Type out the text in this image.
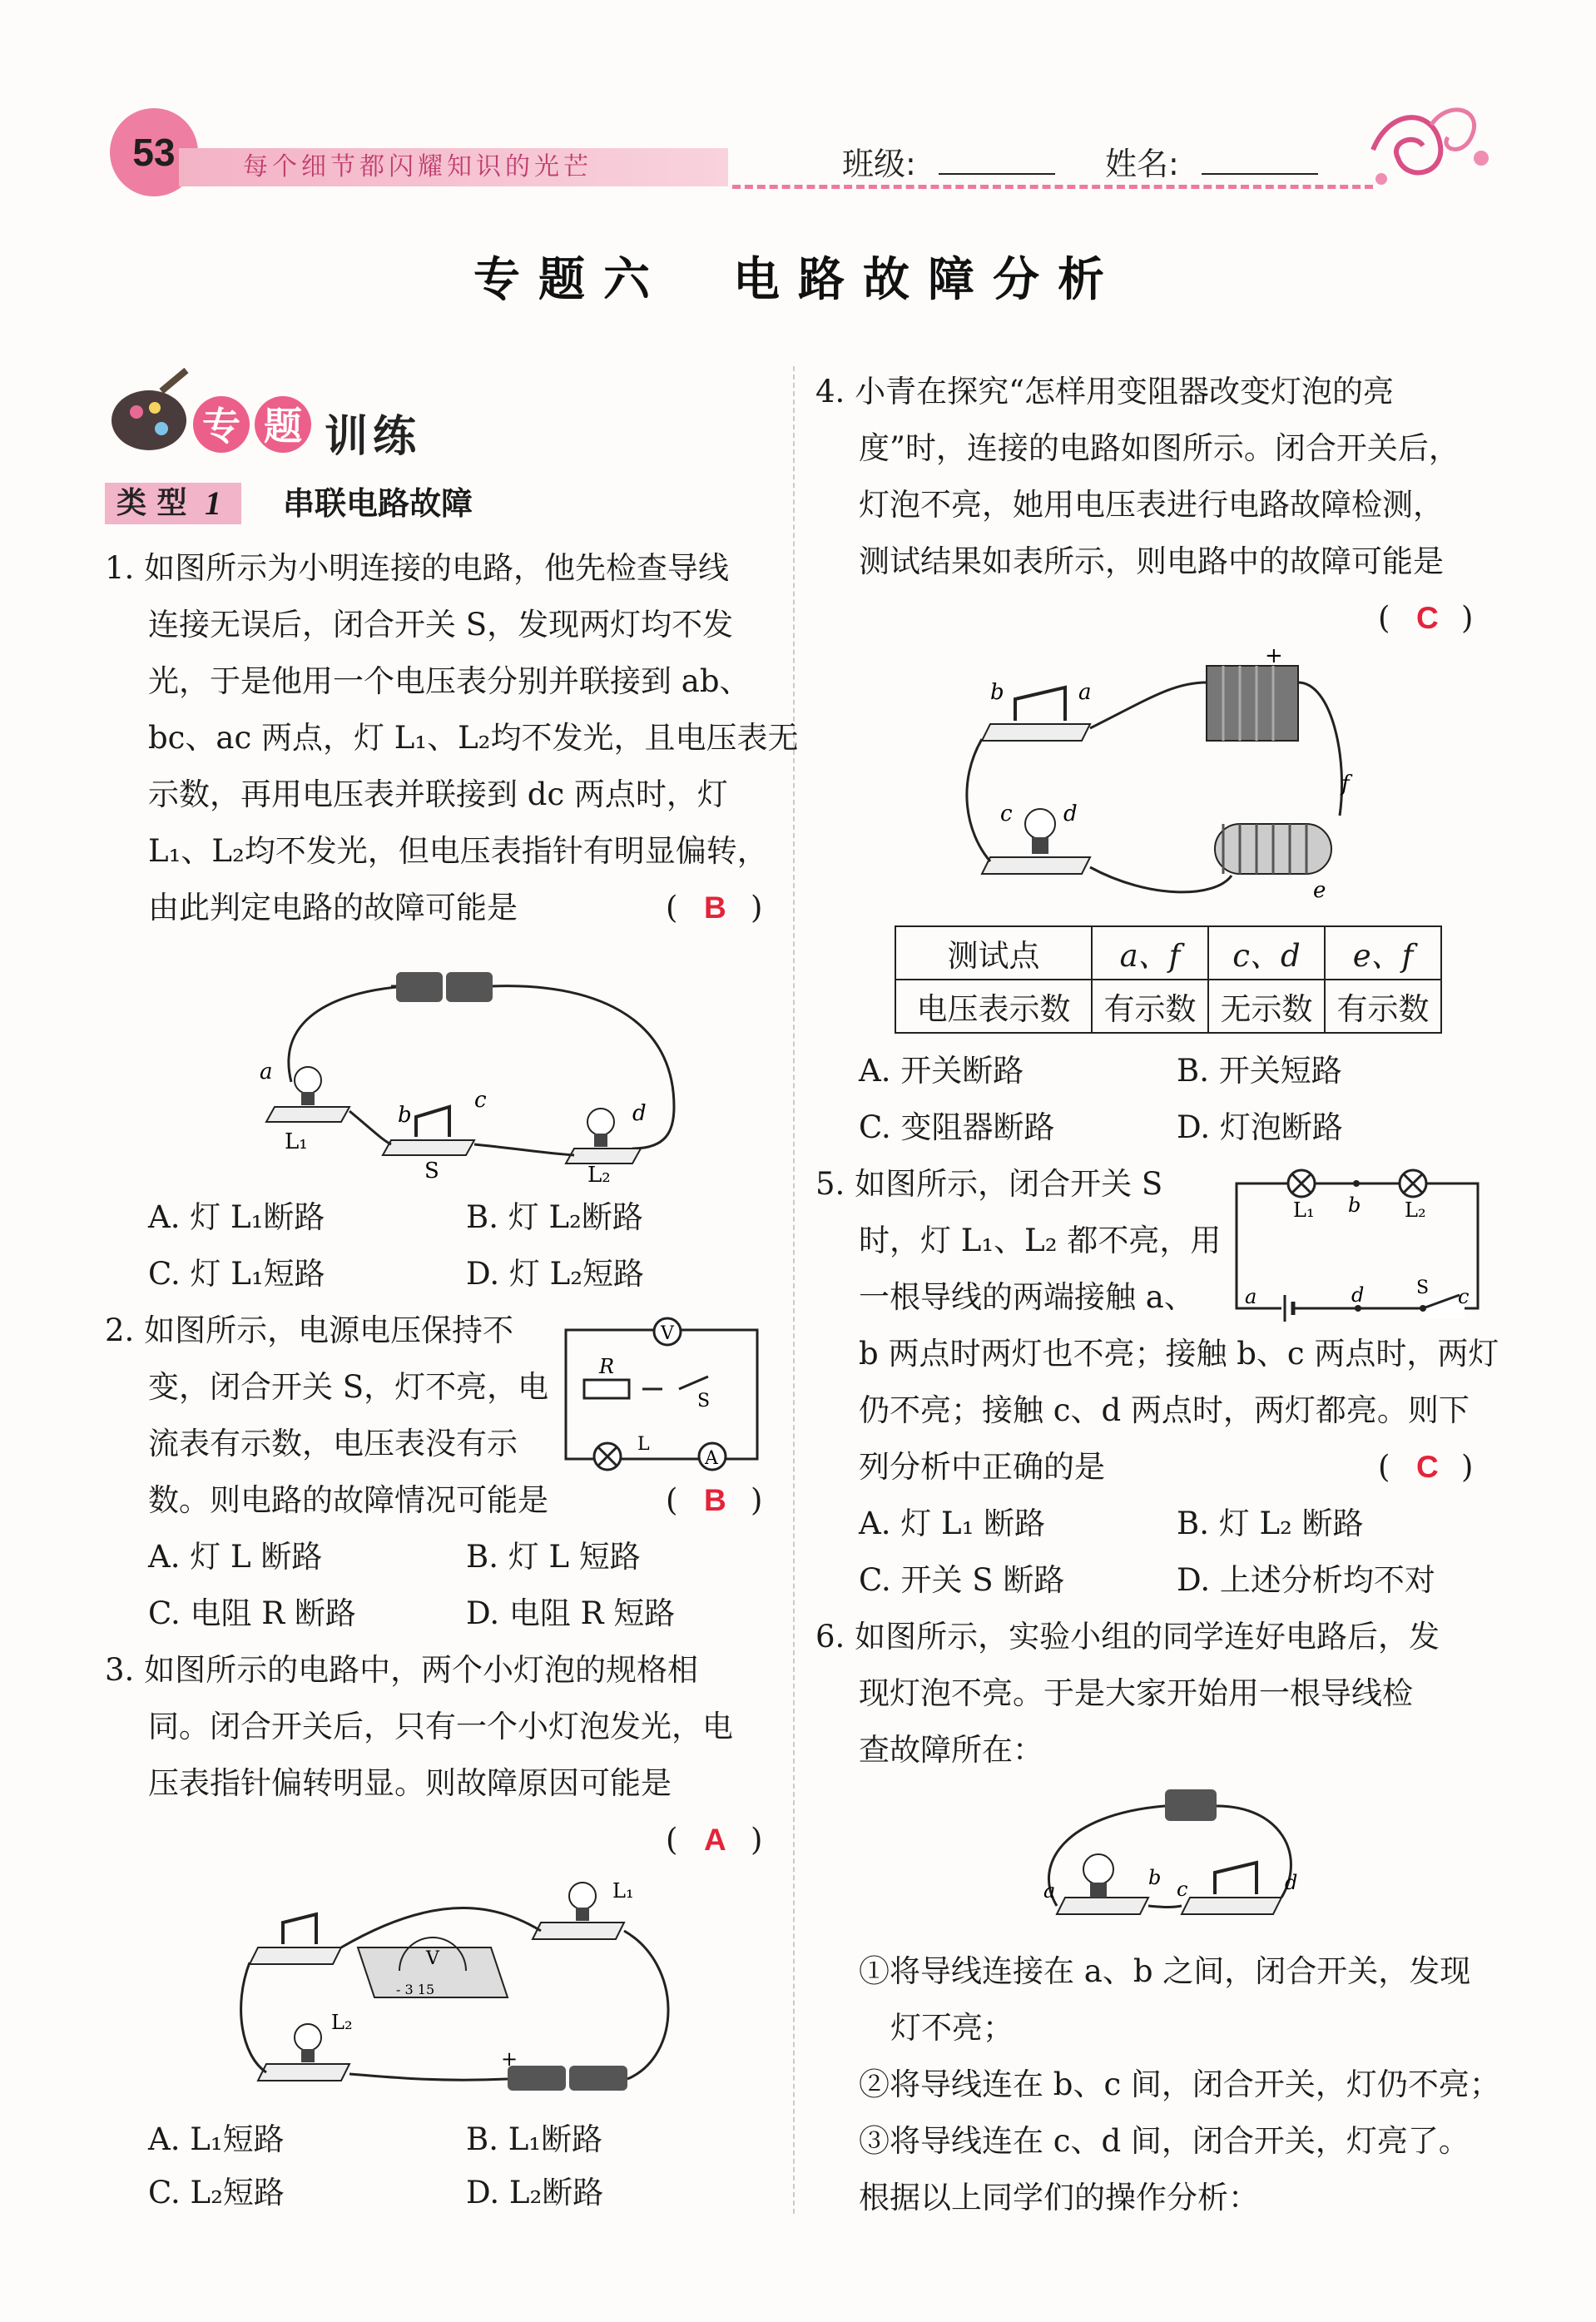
53	每个细节都闪耀知识的光芒	班级:	姓名:
专题六　电路故障分析
专 题 训练
类 型 1 串联电路故障
1. 如图所示为小明连接的电路，他先检查导线
连接无误后，闭合开关 S，发现两灯均不发
光，于是他用一个电压表分别并联接到 ab、
bc、ac 两点，灯 L₁、L₂均不发光，且电压表无
示数，再用电压表并联接到 dc 两点时，灯
L₁、L₂均不发光，但电压表指针有明显偏转，
由此判定电路的故障可能是	( B )
a
b
c
d
L₁
S	L₂
A. 灯 L₁断路	B. 灯 L₂断路
C. 灯 L₁短路	D. 灯 L₂短路
2. 如图所示，电源电压保持不
变，闭合开关 S，灯不亮，电
流表有示数，电压表没有示
数。则电路的故障情况可能是	( B )
V
R
S
L
A
A. 灯 L 断路	B. 灯 L 短路
C. 电阻 R 断路	D. 电阻 R 短路
3. 如图所示的电路中，两个小灯泡的规格相
同。闭合开关后，只有一个小灯泡发光，电
压表指针偏转明显。则故障原因可能是
( A )
V
- 3 15
L₁
L₂
+
A. L₁短路	B. L₁断路
C. L₂短路	D. L₂断路
4. 小青在探究“怎样用变阻器改变灯泡的亮
度”时，连接的电路如图所示。闭合开关后，
灯泡不亮，她用电压表进行电路故障检测，
测试结果如表所示，则电路中的故障可能是
( C )
b	a
+
c d
f
e
测试点	a、f	c、d	e、f
电压表示数	有示数	无示数	有示数
A. 开关断路	B. 开关短路
C. 变阻器断路	D. 灯泡断路
5. 如图所示，闭合开关 S
时，灯 L₁、L₂ 都不亮，用
一根导线的两端接触 a、
b 两点时两灯也不亮；接触 b、c 两点时，两灯
仍不亮；接触 c、d 两点时，两灯都亮。则下
列分析中正确的是	( C )
L₁ b L₂
a	d	S c
A. 灯 L₁ 断路	B. 灯 L₂ 断路
C. 开关 S 断路	D. 上述分析均不对
6. 如图所示，实验小组的同学连好电路后，发
现灯泡不亮。于是大家开始用一根导线检
查故障所在：
a
b c	d
①将导线连接在 a、b 之间，闭合开关，发现
灯不亮；
②将导线连在 b、c 间，闭合开关，灯仍不亮；
③将导线连在 c、d 间，闭合开关，灯亮了。
根据以上同学们的操作分析：
